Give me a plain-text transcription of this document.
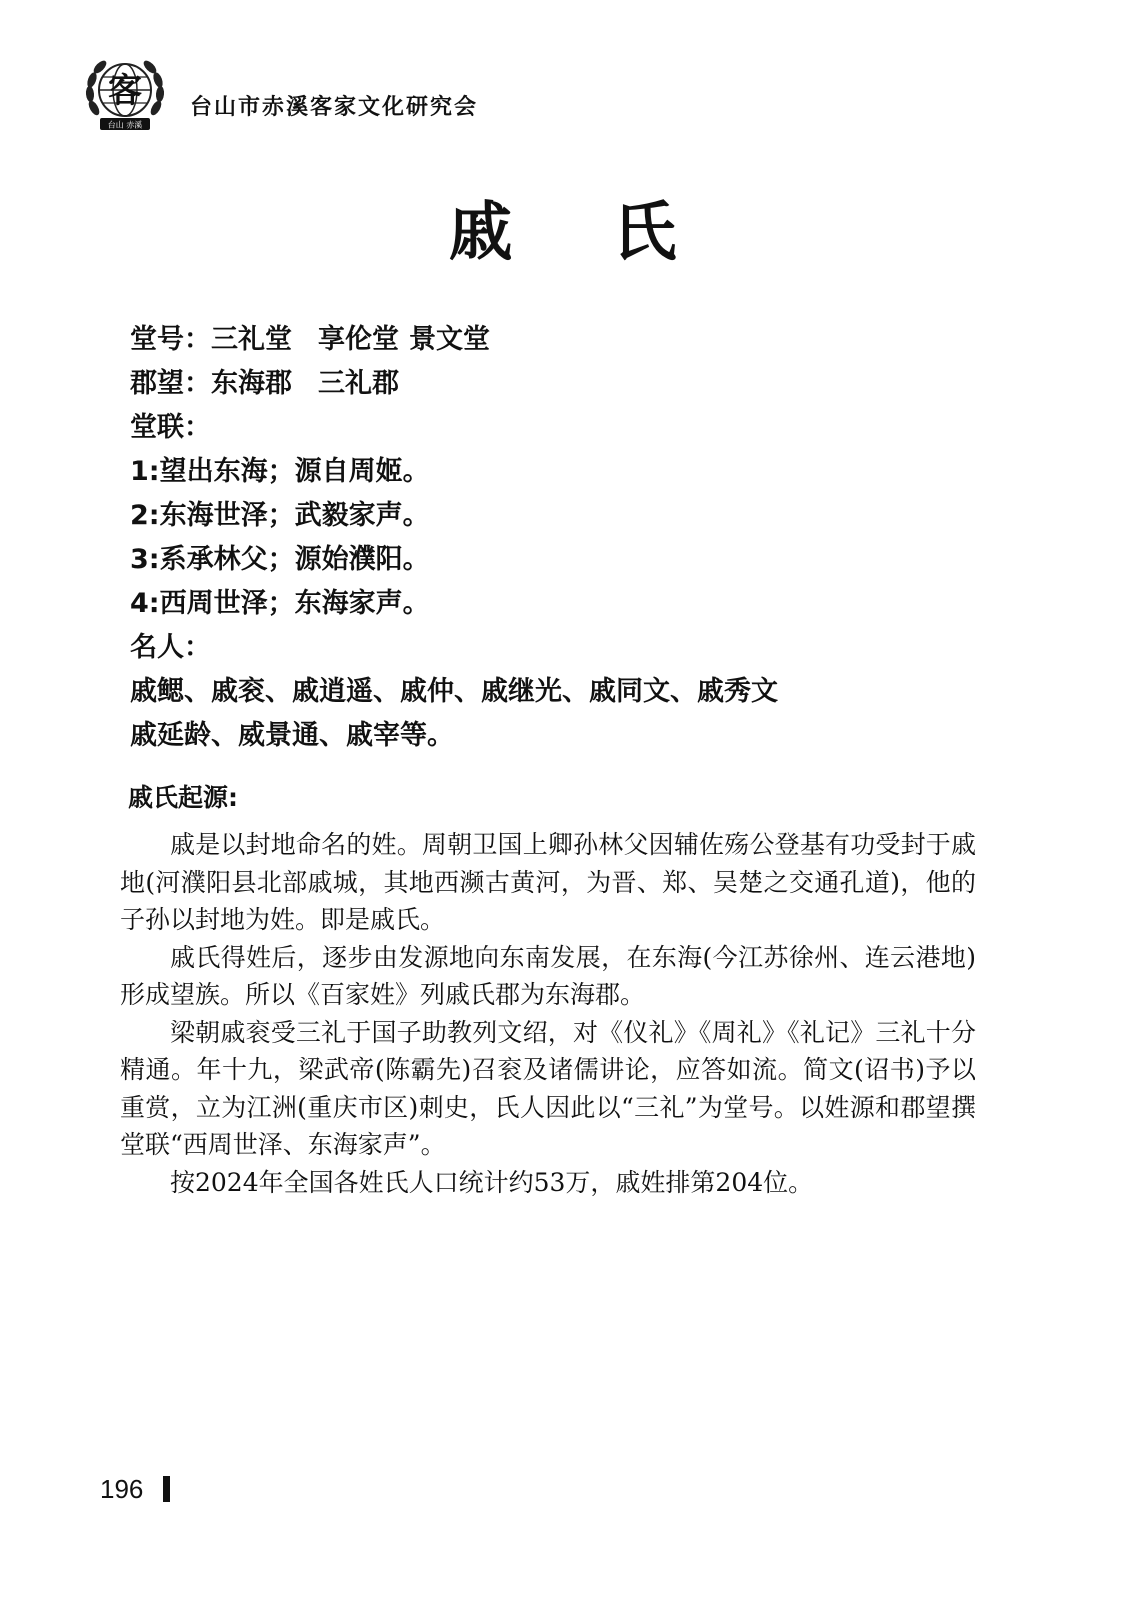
客
台山 赤溪
台山市赤溪客家文化研究会
戚 氏
堂号：三礼堂 享伦堂 景文堂
郡望：东海郡 三礼郡
堂联：
1:望出东海；源自周姬。
2:东海世泽；武毅家声。
3:系承林父；源始濮阳。
4:西周世泽；东海家声。
名人：
戚鳃、戚衮、戚逍遥、戚仲、戚继光、戚同文、戚秀文
戚延龄、威景通、戚宰等。
戚氏起源:

戚是以封地命名的姓。周朝卫国上卿孙林父因辅佐殇公登基有功受封于戚地(河濮阳县北部戚城，其地西濒古黄河，为晋、郑、吴楚之交通孔道)，他的子孙以封地为姓。即是戚氏。

戚氏得姓后，逐步由发源地向东南发展，在东海(今江苏徐州、连云港地)形成望族。所以《百家姓》列戚氏郡为东海郡。

梁朝戚衮受三礼于国子助教列文绍，对《仪礼》《周礼》《礼记》三礼十分精通。年十九，梁武帝(陈霸先)召衮及诸儒讲论，应答如流。简文(诏书)予以重赏，立为江洲(重庆市区)刺史，氏人因此以“三礼”为堂号。以姓源和郡望撰堂联“西周世泽、东海家声”。

按2024年全国各姓氏人口统计约53万，戚姓排第204位。

196
